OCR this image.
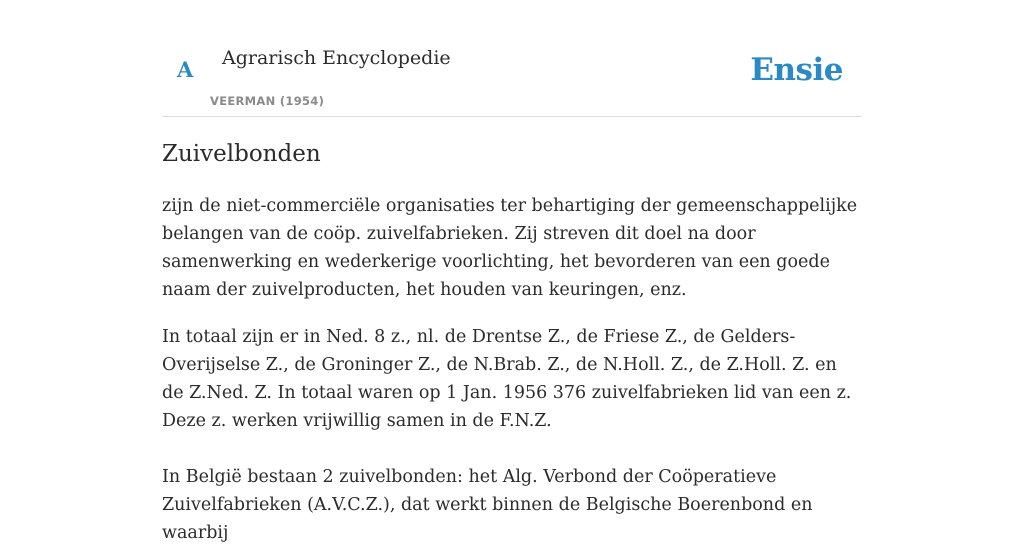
A Agrarisch Encyclopedie
VEERMAN (1954)
Ensie
Zuivelbonden

zijn de niet-commerciële organisaties ter behartiging der gemeenschappelijke belangen van de coöp. zuivelfabrieken. Zij streven dit doel na door samenwerking en wederkerige voorlichting, het bevorderen van een goede naam der zuivelproducten, het houden van keuringen, enz.

In totaal zijn er in Ned. 8 z., nl. de Drentse Z., de Friese Z., de Gelders-Overijselse Z., de Groninger Z., de N.Brab. Z., de N.Holl. Z., de Z.Holl. Z. en de Z.Ned. Z. In totaal waren op 1 Jan. 1956 376 zuivelfabrieken lid van een z. Deze z. werken vrijwillig samen in de F.N.Z.

In België bestaan 2 zuivelbonden: het Alg. Verbond der Coöperatieve Zuivelfabrieken (A.V.C.Z.), dat werkt binnen de Belgische Boerenbond en waarbij
